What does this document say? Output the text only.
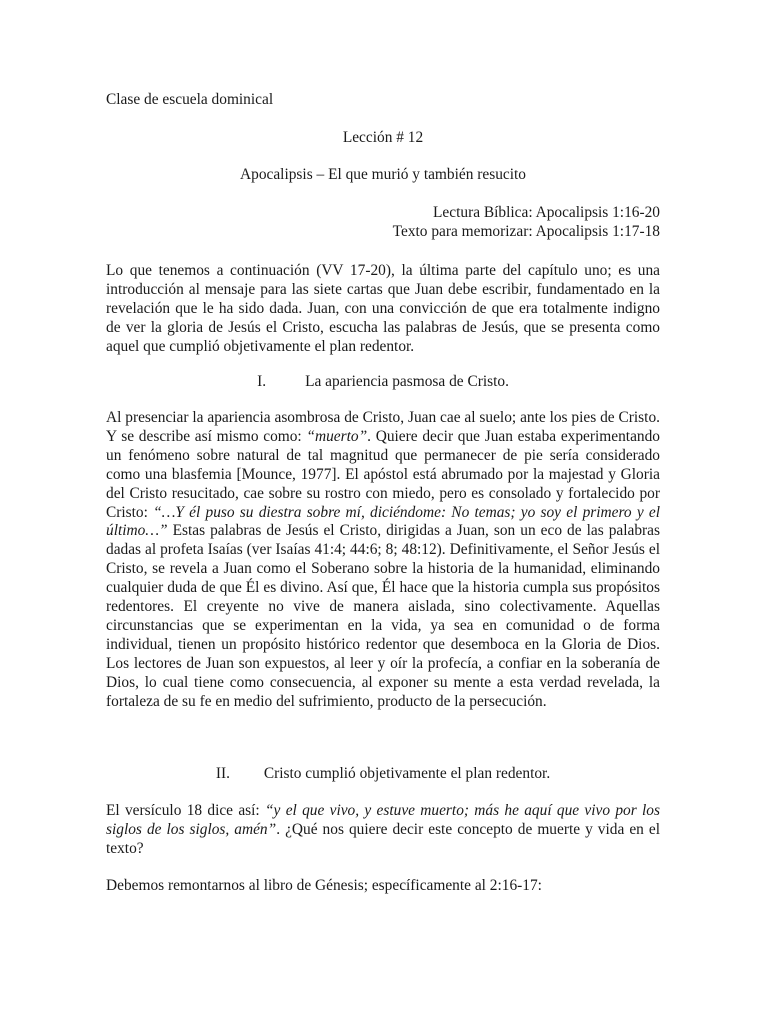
Clase de escuela dominical

Lección # 12

Apocalipsis – El que murió y también resucito

Lectura Bíblica: Apocalipsis 1:16-20
Texto para memorizar: Apocalipsis 1:17-18

Lo que tenemos a continuación (VV 17-20), la última parte del capítulo uno; es una introducción al mensaje para las siete cartas que Juan debe escribir, fundamentado en la revelación que le ha sido dada. Juan, con una convicción de que era totalmente indigno de ver la gloria de Jesús el Cristo, escucha las palabras de Jesús, que se presenta como aquel que cumplió objetivamente el plan redentor.

I.	La apariencia pasmosa de Cristo.

Al presenciar la apariencia asombrosa de Cristo, Juan cae al suelo; ante los pies de Cristo. Y se describe así mismo como: “muerto”. Quiere decir que Juan estaba experimentando un fenómeno sobre natural de tal magnitud que permanecer de pie sería considerado como una blasfemia [Mounce, 1977]. El apóstol está abrumado por la majestad y Gloria del Cristo resucitado, cae sobre su rostro con miedo, pero es consolado y fortalecido por Cristo: “…Y él puso su diestra sobre mí, diciéndome: No temas; yo soy el primero y el último…” Estas palabras de Jesús el Cristo, dirigidas a Juan, son un eco de las palabras dadas al profeta Isaías (ver Isaías 41:4; 44:6; 8; 48:12). Definitivamente, el Señor Jesús el Cristo, se revela a Juan como el Soberano sobre la historia de la humanidad, eliminando cualquier duda de que Él es divino. Así que, Él hace que la historia cumpla sus propósitos redentores. El creyente no vive de manera aislada, sino colectivamente. Aquellas circunstancias que se experimentan en la vida, ya sea en comunidad o de forma individual, tienen un propósito histórico redentor que desemboca en la Gloria de Dios. Los lectores de Juan son expuestos, al leer y oír la profecía, a confiar en la soberanía de Dios, lo cual tiene como consecuencia, al exponer su mente a esta verdad revelada, la fortaleza de su fe en medio del sufrimiento, producto de la persecución.

II. Cristo cumplió objetivamente el plan redentor.

El versículo 18 dice así: “y el que vivo, y estuve muerto; más he aquí que vivo por los siglos de los siglos, amén”. ¿Qué nos quiere decir este concepto de muerte y vida en el texto?

Debemos remontarnos al libro de Génesis; específicamente al 2:16-17:
